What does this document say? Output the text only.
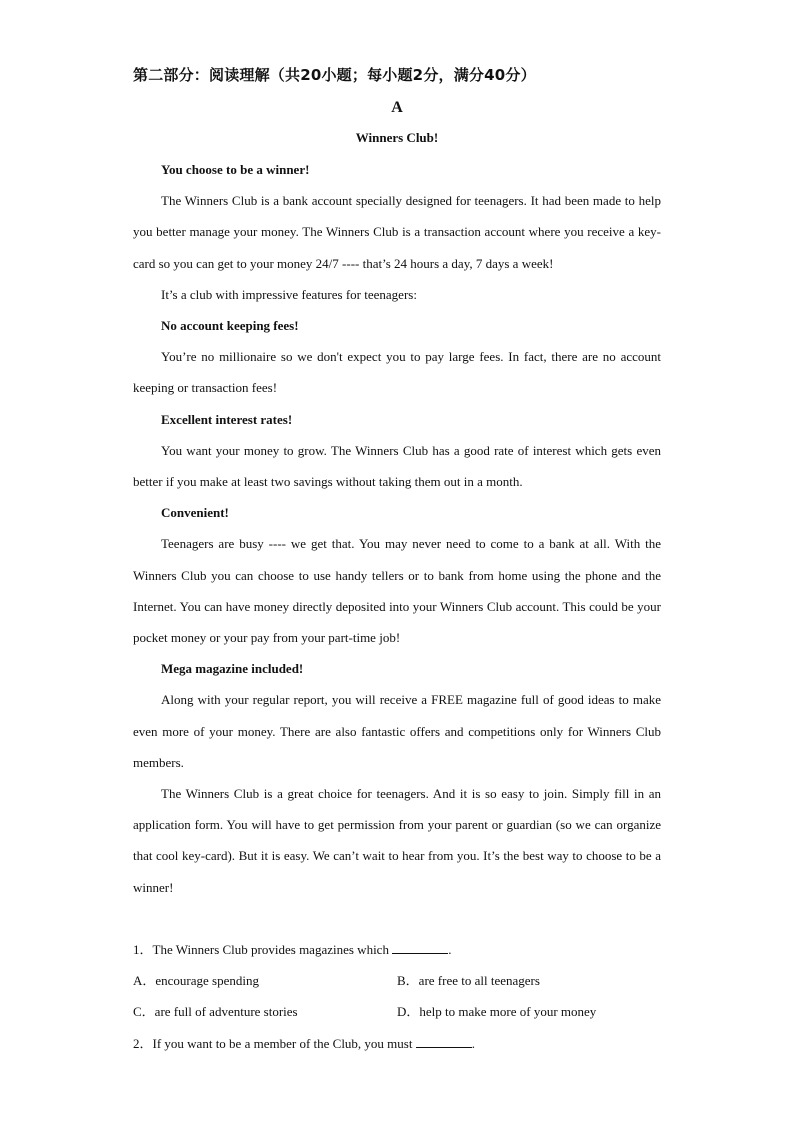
第二部分：阅读理解（共20小题；每小题2分，满分40分）
A
Winners Club!

You choose to be a winner!

The Winners Club is a bank account specially designed for teenagers. It had been made to help you better manage your money. The Winners Club is a transaction account where you receive a key-card so you can get to your money 24/7 ---- that’s 24 hours a day, 7 days a week!

It’s a club with impressive features for teenagers:

No account keeping fees!

You’re no millionaire so we don't expect you to pay large fees. In fact, there are no account keeping or transaction fees!

Excellent interest rates!

You want your money to grow. The Winners Club has a good rate of interest which gets even better if you make at least two savings without taking them out in a month.

Convenient!

Teenagers are busy ---- we get that. You may never need to come to a bank at all. With the Winners Club you can choose to use handy tellers or to bank from home using the phone and the Internet. You can have money directly deposited into your Winners Club account. This could be your pocket money or your pay from your part-time job!

Mega magazine included!

Along with your regular report, you will receive a FREE magazine full of good ideas to make even more of your money. There are also fantastic offers and competitions only for Winners Club members.

The Winners Club is a great choice for teenagers. And it is so easy to join. Simply fill in an application form. You will have to get permission from your parent or guardian (so we can organize that cool key-card). But it is easy. We can’t wait to hear from you. It’s the best way to choose to be a winner!

1．The Winners Club provides magazines which	.
A．encourage spending	B．are free to all teenagers
C．are full of adventure stories	D．help to make more of your money
2．If you want to be a member of the Club, you must	.
